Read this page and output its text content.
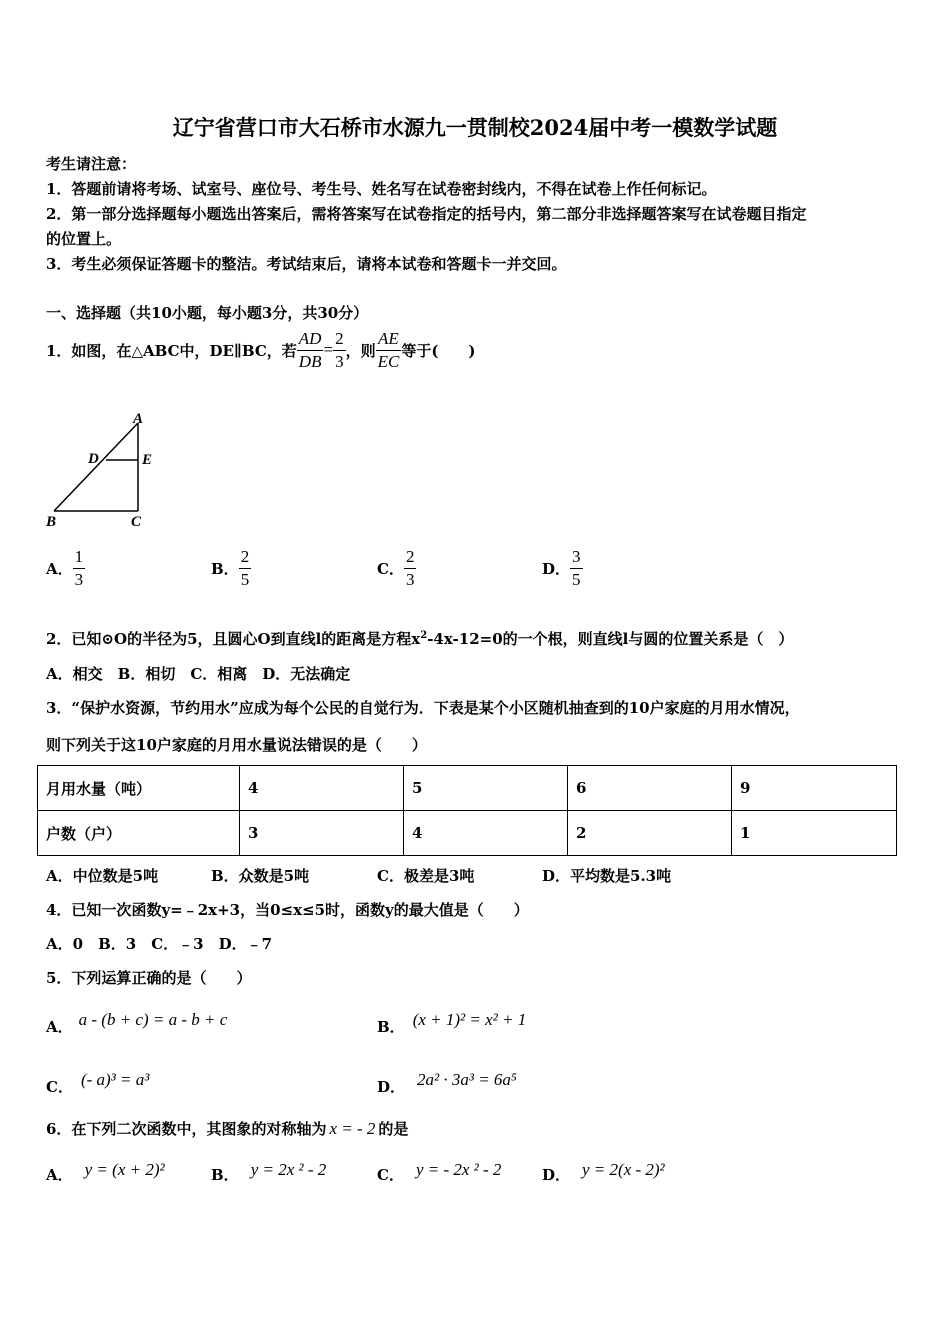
辽宁省营口市大石桥市水源九一贯制校2024届中考一模数学试题
考生请注意：
1．答题前请将考场、试室号、座位号、考生号、姓名写在试卷密封线内，不得在试卷上作任何标记。
2．第一部分选择题每小题选出答案后，需将答案写在试卷指定的括号内，第二部分非选择题答案写在试卷题目指定
的位置上。
3．考生必须保证答题卡的整洁。考试结束后，请将本试卷和答题卡一并交回。
一、选择题（共10小题，每小题3分，共30分）
1．如图，在△ABC中，DE∥BC，若 $\frac{AD}{DB} = \frac{2}{3}$ ，则 $\frac{AE}{EC}$ 等于(　　)
A
D	E
B	C
A． $\frac{1}{3}$	B． $\frac{2}{5}$	C． $\frac{2}{3}$	D． $\frac{3}{5}$
2．已知⊙O的半径为5，且圆心O到直线l的距离是方程$x^2-4x-12=0$的一个根，则直线l与圆的位置关系是（　）
A．相交　B．相切　C．相离　D．无法确定
3．“保护水资源，节约用水”应成为每个公民的自觉行为．下表是某个小区随机抽查到的10户家庭的月用水情况，
则下列关于这10户家庭的月用水量说法错误的是（　　）
月用水量（吨）	4	5	6	9
户数（户）	3	4	2	1
A．中位数是5吨	B．众数是5吨	C．极差是3吨	D．平均数是5.3吨
4．已知一次函数y=﹣2x+3，当0≤x≤5时，函数y的最大值是（　　）
A．0　B．3　C．﹣3　D．﹣7
5．下列运算正确的是（　　）
A． a - (b + c) = a - b + c	B． (x + 1)² = x² + 1
C． (- a)³ = a³	D． 2a² · 3a³ = 6a⁵
6．在下列二次函数中，其图象的对称轴为 x = - 2 的是
A． y = (x + 2)²	B． y = 2x ² - 2	C． y = - 2x ² - 2	D． y = 2(x - 2)²
